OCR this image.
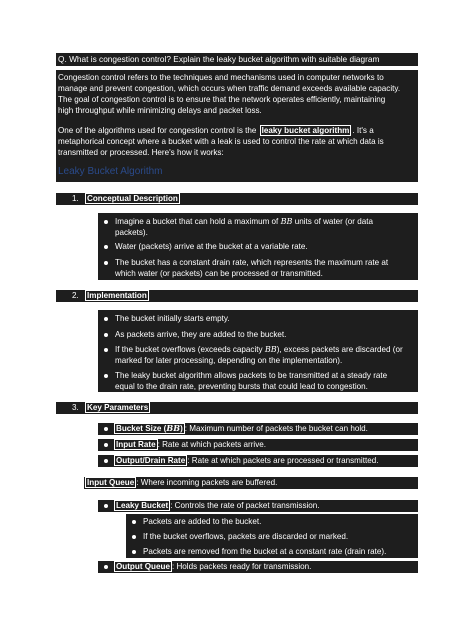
Q. What is congestion control? Explain the leaky bucket algorithm with suitable diagram
Congestion control refers to the techniques and mechanisms used in computer networks to
manage and prevent congestion, which occurs when traffic demand exceeds available capacity.
The goal of congestion control is to ensure that the network operates efficiently, maintaining
high throughput while minimizing delays and packet loss.
One of the algorithms used for congestion control is the leaky bucket algorithm . It's a
metaphorical concept where a bucket with a leak is used to control the rate at which data is
transmitted or processed. Here's how it works:
Leaky Bucket Algorithm
1. Conceptual Description
Imagine a bucket that can hold a maximum of BB units of water (or data
packets).
Water (packets) arrive at the bucket at a variable rate.
The bucket has a constant drain rate, which represents the maximum rate at
which water (or packets) can be processed or transmitted.
2. Implementation
The bucket initially starts empty.
As packets arrive, they are added to the bucket.
If the bucket overflows (exceeds capacity BB), excess packets are discarded (or
marked for later processing, depending on the implementation).
The leaky bucket algorithm allows packets to be transmitted at a steady rate
equal to the drain rate, preventing bursts that could lead to congestion.
3. Key Parameters
Bucket Size (BB) : Maximum number of packets the bucket can hold.
Input Rate : Rate at which packets arrive.
Output/Drain Rate : Rate at which packets are processed or transmitted.
Input Queue : Where incoming packets are buffered.
Leaky Bucket : Controls the rate of packet transmission.
Packets are added to the bucket.
If the bucket overflows, packets are discarded or marked.
Packets are removed from the bucket at a constant rate (drain rate).
Output Queue : Holds packets ready for transmission.
